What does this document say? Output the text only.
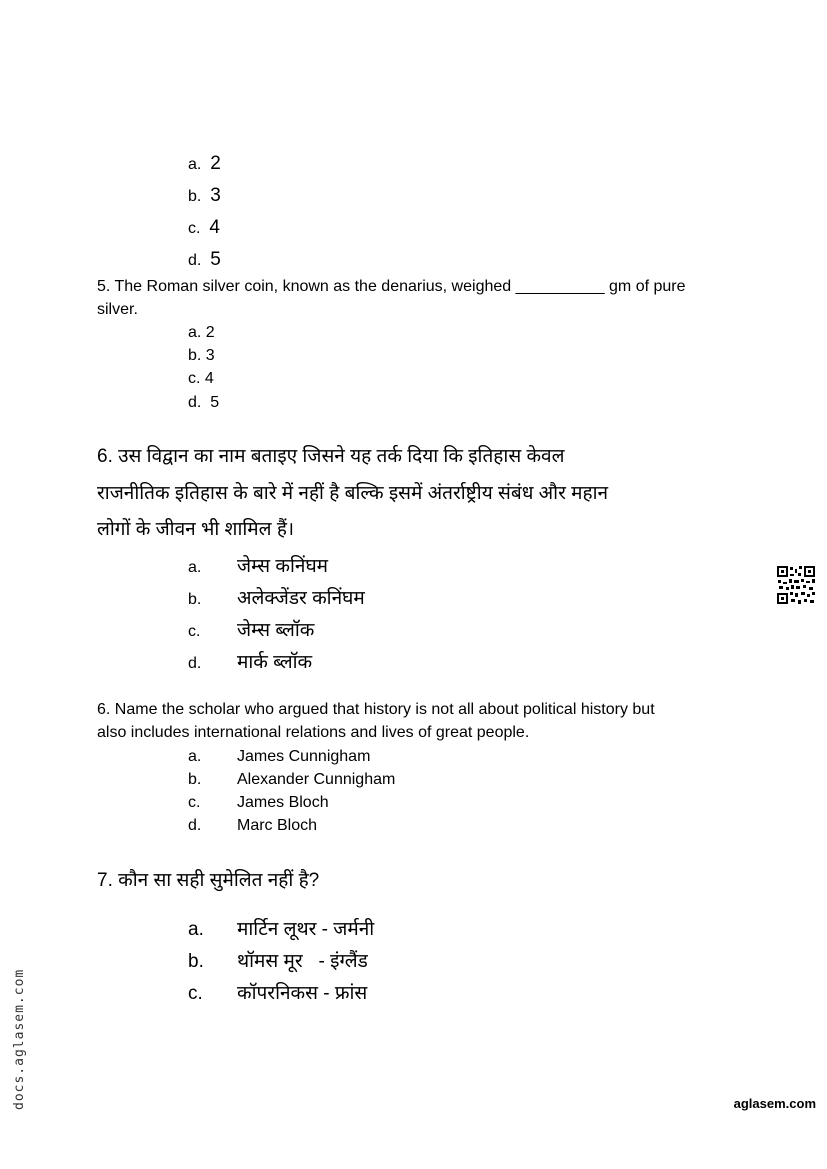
a. 2
b. 3
c. 4
d. 5
5. The Roman silver coin, known as the denarius, weighed __________ gm of pure
silver.
a. 2
b. 3
c. 4
d. 5
6. उस विद्वान का नाम बताइए जिसने यह तर्क दिया कि इतिहास केवल
राजनीतिक इतिहास के बारे में नहीं है बल्कि इसमें अंतर्राष्ट्रीय संबंध और महान
लोगों के जीवन भी शामिल हैं।
a. जेम्स कनिंघम
b. अलेक्जेंडर कनिंघम
c. जेम्स ब्लॉक
d. मार्क ब्लॉक
6. Name the scholar who argued that history is not all about political history but
also includes international relations and lives of great people.
a. James Cunnigham
b. Alexander Cunnigham
c. James Bloch
d. Marc Bloch
7. कौन सा सही सुमेलित नहीं है?
a. मार्टिन लूथर - जर्मनी
b. थॉमस मूर   - इंग्लैंड
c. कॉपरनिकस - फ्रांस
docs.aglasem.com	aglasem.com
